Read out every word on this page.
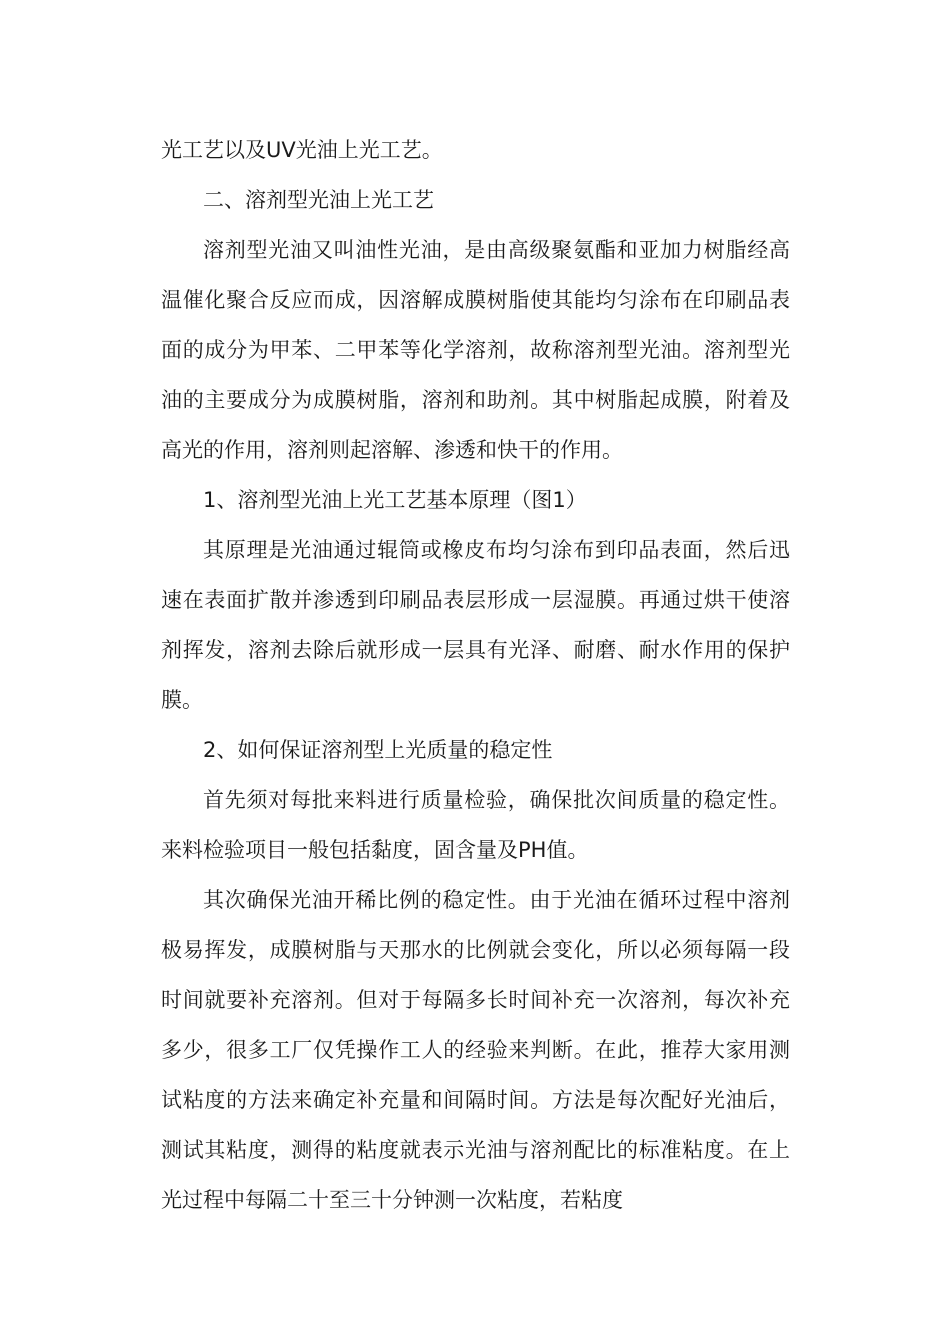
光工艺以及UV光油上光工艺。

二、溶剂型光油上光工艺

溶剂型光油又叫油性光油，是由高级聚氨酯和亚加力树脂经高温催化聚合反应而成，因溶解成膜树脂使其能均匀涂布在印刷品表面的成分为甲苯、二甲苯等化学溶剂，故称溶剂型光油。溶剂型光油的主要成分为成膜树脂，溶剂和助剂。其中树脂起成膜，附着及高光的作用，溶剂则起溶解、渗透和快干的作用。

1、溶剂型光油上光工艺基本原理（图1）

其原理是光油通过辊筒或橡皮布均匀涂布到印品表面，然后迅速在表面扩散并渗透到印刷品表层形成一层湿膜。再通过烘干使溶剂挥发，溶剂去除后就形成一层具有光泽、耐磨、耐水作用的保护膜。

2、如何保证溶剂型上光质量的稳定性

首先须对每批来料进行质量检验，确保批次间质量的稳定性。来料检验项目一般包括黏度，固含量及PH值。

其次确保光油开稀比例的稳定性。由于光油在循环过程中溶剂极易挥发，成膜树脂与天那水的比例就会变化，所以必须每隔一段时间就要补充溶剂。但对于每隔多长时间补充一次溶剂，每次补充多少，很多工厂仅凭操作工人的经验来判断。在此，推荐大家用测试粘度的方法来确定补充量和间隔时间。方法是每次配好光油后，测试其粘度，测得的粘度就表示光油与溶剂配比的标准粘度。在上光过程中每隔二十至三十分钟测一次粘度，若粘度
